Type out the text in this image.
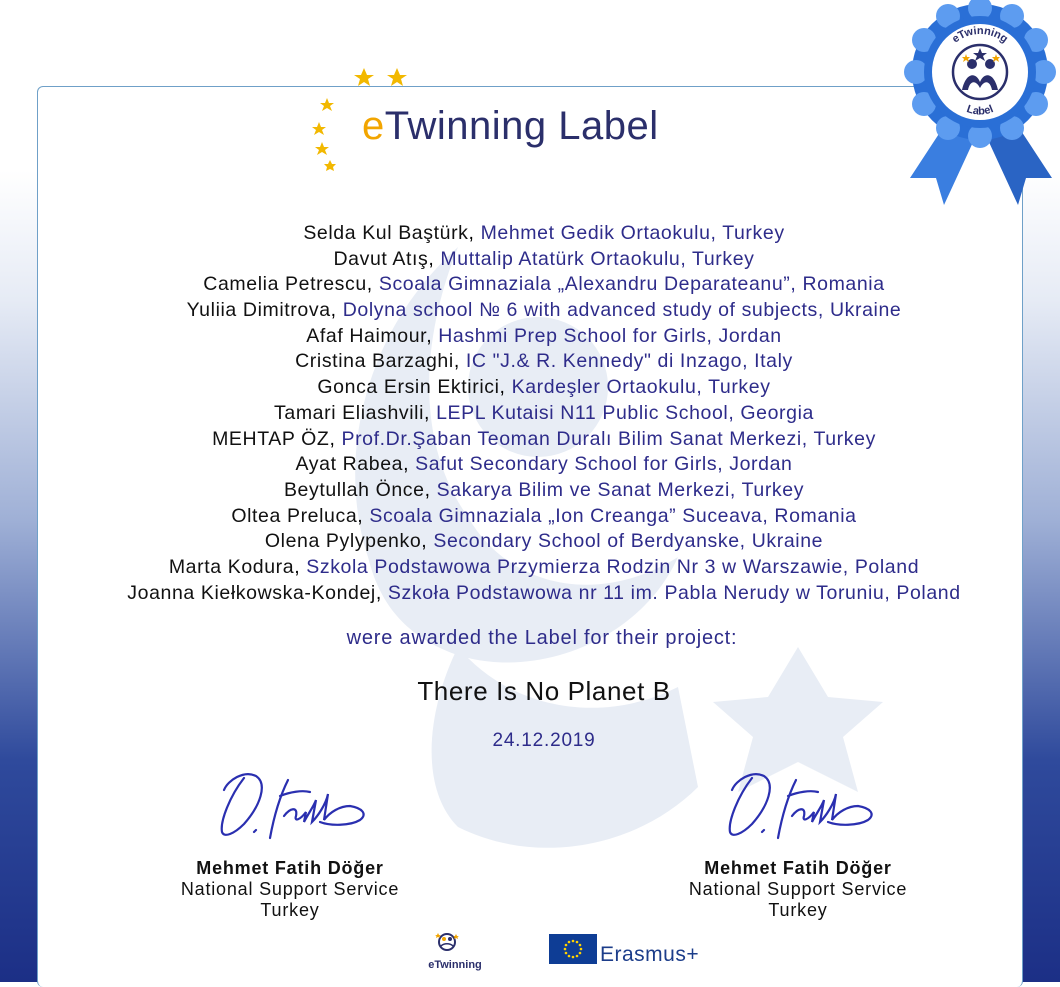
eTwinning Label
eTwinning
Label
Selda Kul Baştürk, Mehmet Gedik Ortaokulu, Turkey
Davut Atış, Muttalip Atatürk Ortaokulu, Turkey
Camelia Petrescu, Scoala Gimnaziala „Alexandru Deparateanu”, Romania
Yuliia Dimitrova, Dolyna school № 6 with advanced study of subjects, Ukraine
Afaf Haimour, Hashmi Prep School for Girls, Jordan
Cristina Barzaghi, IC "J.& R. Kennedy" di Inzago, Italy
Gonca Ersin Ektirici, Kardeşler Ortaokulu, Turkey
Tamari Eliashvili, LEPL Kutaisi N11 Public School, Georgia
MEHTAP ÖZ, Prof.Dr.Şaban Teoman Duralı Bilim Sanat Merkezi, Turkey
Ayat Rabea, Safut Secondary School for Girls, Jordan
Beytullah Önce, Sakarya Bilim ve Sanat Merkezi, Turkey
Oltea Preluca, Scoala Gimnaziala „Ion Creanga” Suceava, Romania
Olena Pylypenko, Secondary School of Berdyanske, Ukraine
Marta Kodura, Szkola Podstawowa Przymierza Rodzin Nr 3 w Warszawie, Poland
Joanna Kiełkowska-Kondej, Szkoła Podstawowa nr 11 im. Pabla Nerudy w Toruniu, Poland
were awarded the Label for their project:
There Is No Planet B
24.12.2019
Mehmet Fatih Döğer
National Support Service
Turkey
Mehmet Fatih Döğer
National Support Service
Turkey
eTwinning	Erasmus+
